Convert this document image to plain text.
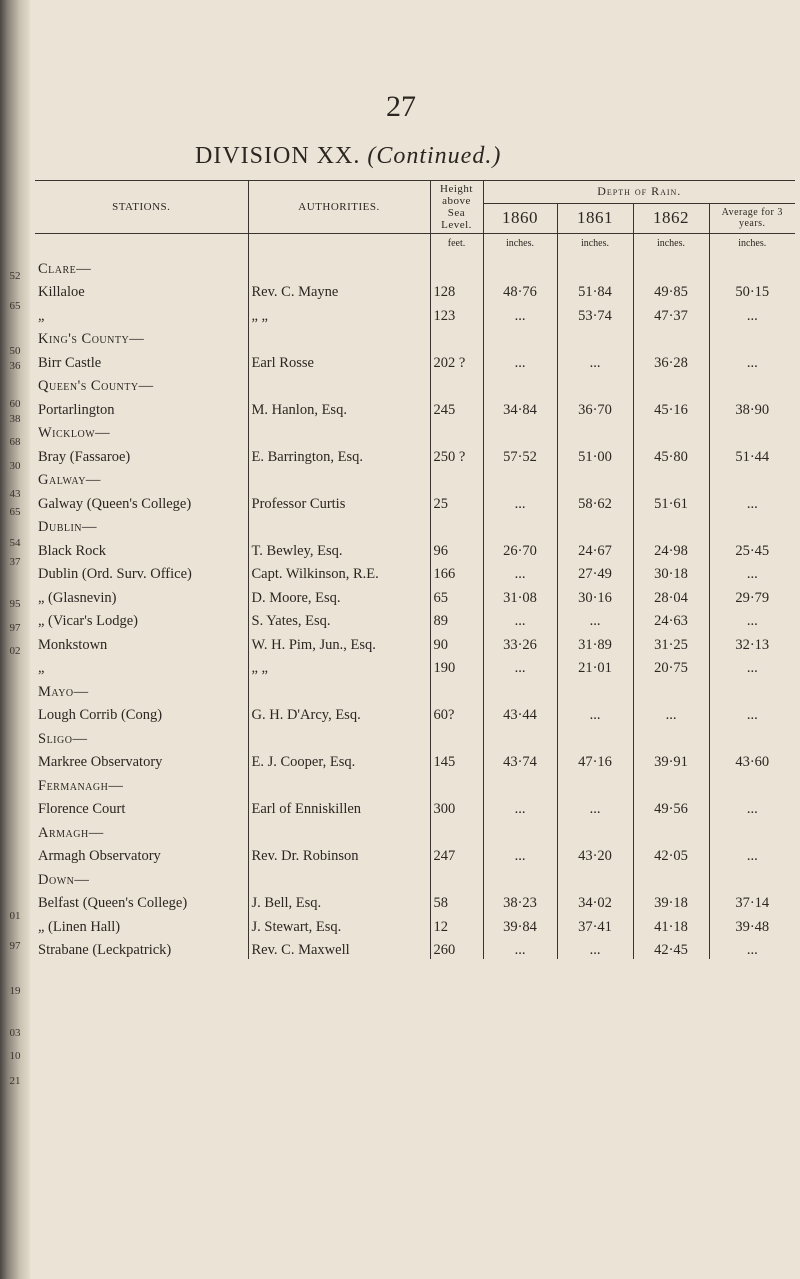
52
65
50
36
60
38
68
30
43
65
54
37
95
97
02
01
97
19
03
10
21
27
DIVISION XX. (Continued.)
STATIONS.	AUTHORITIES.	Height above Sea Level.	Depth of Rain.			
			1860	1861	1862	Average for 3 years.
		feet.	inches.	inches.	inches.	inches.
Clare—						
Killaloe	Rev. C. Mayne	128	48·76	51·84	49·85	50·15
„	„ „	123	...	53·74	47·37	...
King's County—						
Birr Castle	Earl Rosse	202 ?	...	...	36·28	...
Queen's County—						
Portarlington	M. Hanlon, Esq.	245	34·84	36·70	45·16	38·90
Wicklow—						
Bray (Fassaroe)	E. Barrington, Esq.	250 ?	57·52	51·00	45·80	51·44
Galway—						
Galway (Queen's College)	Professor Curtis	25	...	58·62	51·61	...
Dublin—						
Black Rock	T. Bewley, Esq.	96	26·70	24·67	24·98	25·45
Dublin (Ord. Surv. Office)	Capt. Wilkinson, R.E.	166	...	27·49	30·18	...
„ (Glasnevin)	D. Moore, Esq.	65	31·08	30·16	28·04	29·79
„ (Vicar's Lodge)	S. Yates, Esq.	89	...	...	24·63	...
Monkstown	W. H. Pim, Jun., Esq.	90	33·26	31·89	31·25	32·13
„	„ „	190	...	21·01	20·75	...
Mayo—						
Lough Corrib (Cong)	G. H. D'Arcy, Esq.	60?	43·44	...	...	...
Sligo—						
Markree Observatory	E. J. Cooper, Esq.	145	43·74	47·16	39·91	43·60
Fermanagh—						
Florence Court	Earl of Enniskillen	300	...	...	49·56	...
Armagh—						
Armagh Observatory	Rev. Dr. Robinson	247	...	43·20	42·05	...
Down—						
Belfast (Queen's College)	J. Bell, Esq.	58	38·23	34·02	39·18	37·14
„ (Linen Hall)	J. Stewart, Esq.	12	39·84	37·41	41·18	39·48
Strabane (Leckpatrick)	Rev. C. Maxwell	260	...	...	42·45	...
